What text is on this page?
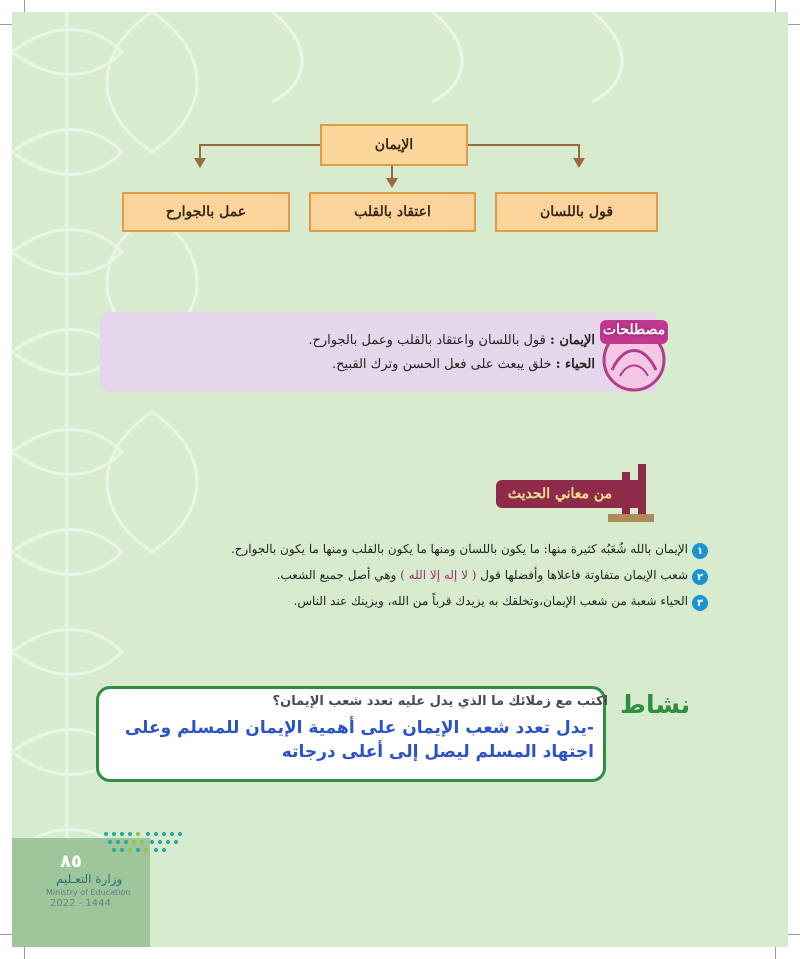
الإيمان
قول باللسان
اعتقاد بالقلب
عمل بالجوارح
مصطلحات
الإيمان : قول باللسان واعتقاد بالقلب وعمل بالجوارح.
الحياء : خلق يبعث على فعل الحسن وترك القبيح.
من معاني الحديث
١
الإيمان بالله شُعَبُه كثيرة منها: ما يكون باللسان ومنها ما يكون بالقلب ومنها ما يكون بالجوارح.
٢
شعب الإيمان متفاوتة فاعلاها وأفضلها قول ( لا إله إلا الله ) وهي أصل جميع الشعب.
٣
الحياء شعبة من شعب الإيمان،وتخلقك به يزيدك قرباً من الله، ويزينك عند الناس.
نشاط
اكتب مع زملائك ما الذي يدل عليه تعدد شعب الإيمان؟
-يدل تعدد شعب الإيمان على أهمية الإيمان للمسلم وعلى اجتهاد المسلم ليصل إلى أعلى درجاته
٨٥
وزارة التعـليم
Ministry of Education
2022 - 1444
